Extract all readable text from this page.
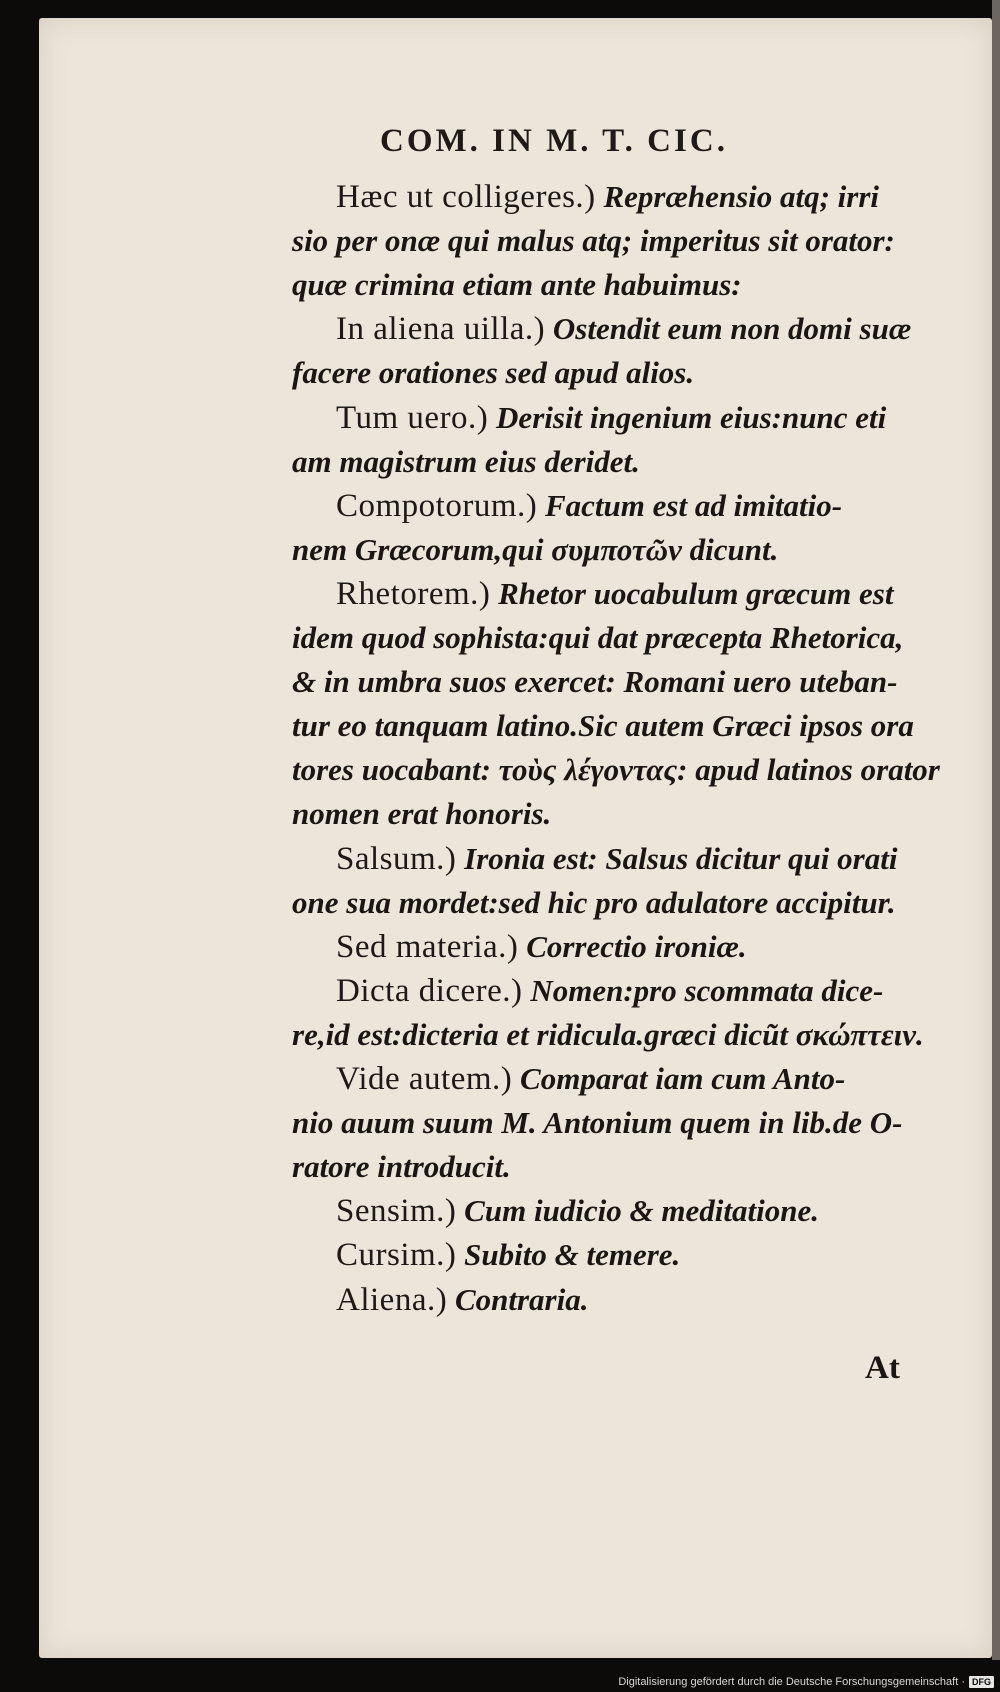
COM. IN M. T. CIC.
Hæc ut colligeres.) Repræhensio atq; irri
sio per onæ qui malus atq; imperitus sit orator:
quæ crimina etiam ante habuimus:
In aliena uilla.) Ostendit eum non domi suæ
facere orationes sed apud alios.
Tum uero.) Derisit ingenium eius:nunc eti
am magistrum eius deridet.
Compotorum.) Factum est ad imitatio-
nem Græcorum,qui συμποτῶν dicunt.
Rhetorem.) Rhetor uocabulum græcum est
idem quod sophista:qui dat præcepta Rhetorica,
& in umbra suos exercet: Romani uero uteban-
tur eo tanquam latino.Sic autem Græci ipsos ora
tores uocabant: τοὺς λέγοντας: apud latinos orator
nomen erat honoris.
Salsum.) Ironia est: Salsus dicitur qui orati
one sua mordet:sed hic pro adulatore accipitur.
Sed materia.) Correctio ironiæ.
Dicta dicere.) Nomen:pro scommata dice-
re,id est:dicteria et ridicula.græci dicũt σκώπτειν.
Vide autem.) Comparat iam cum Anto-
nio auum suum M. Antonium quem in lib.de O-
ratore introducit.
Sensim.) Cum iudicio & meditatione.
Cursim.) Subito & temere.
Aliena.) Contraria.
At
Digitalisierung gefördert durch die Deutsche Forschungsgemeinschaft · DFG
